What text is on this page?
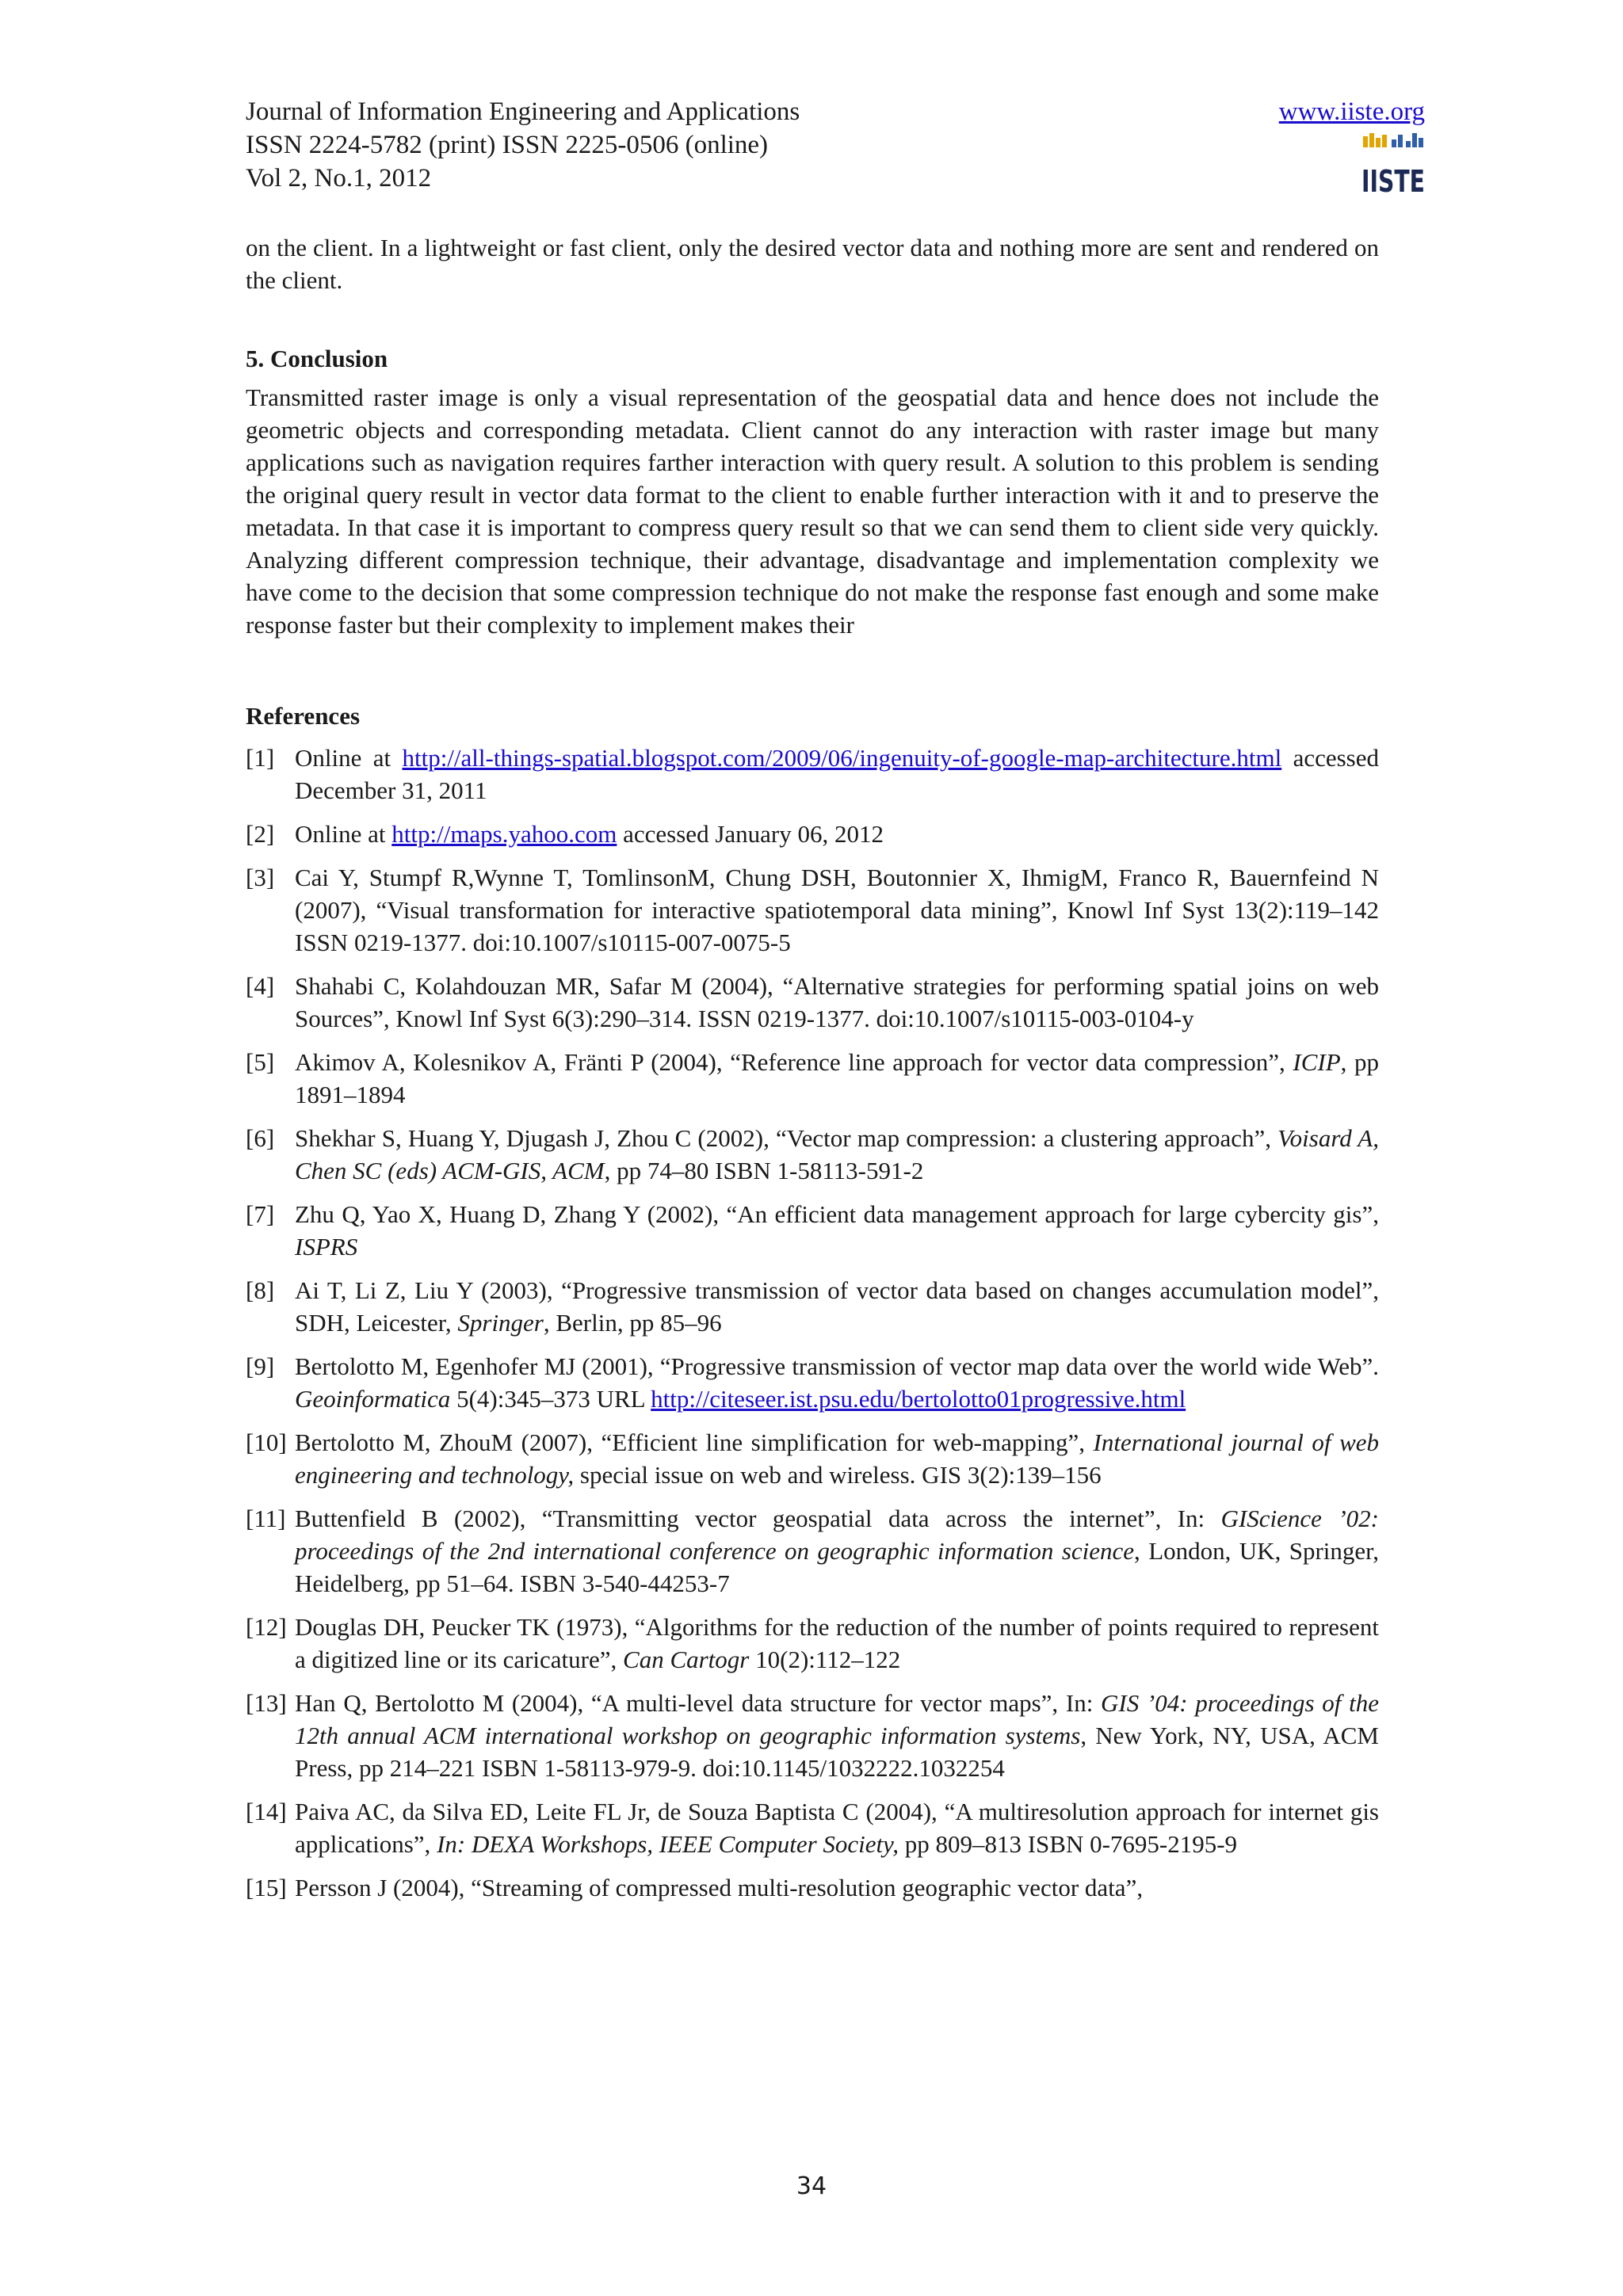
Journal of Information Engineering and Applications
ISSN 2224-5782 (print) ISSN 2225-0506 (online)
Vol 2, No.1, 2012
www.iiste.org
IISTE

on the client. In a lightweight or fast client, only the desired vector data and nothing more are sent and rendered on the client.

5. Conclusion

Transmitted raster image is only a visual representation of the geospatial data and hence does not include the geometric objects and corresponding metadata. Client cannot do any interaction with raster image but many applications such as navigation requires farther interaction with query result. A solution to this problem is sending the original query result in vector data format to the client to enable further interaction with it and to preserve the metadata. In that case it is important to compress query result so that we can send them to client side very quickly. Analyzing different compression technique, their advantage, disadvantage and implementation complexity we have come to the decision that some compression technique do not make the response fast enough and some make response faster but their complexity to implement makes their

References
[1] Online at http://all-things-spatial.blogspot.com/2009/06/ingenuity-of-google-map-architecture.html accessed December 31, 2011
[2] Online at http://maps.yahoo.com accessed January 06, 2012
[3] Cai Y, Stumpf R,Wynne T, TomlinsonM, Chung DSH, Boutonnier X, IhmigM, Franco R, Bauernfeind N (2007), “Visual transformation for interactive spatiotemporal data mining”, Knowl Inf Syst 13(2):119–142 ISSN 0219-1377. doi:10.1007/s10115-007-0075-5
[4] Shahabi C, Kolahdouzan MR, Safar M (2004), “Alternative strategies for performing spatial joins on web Sources”, Knowl Inf Syst 6(3):290–314. ISSN 0219-1377. doi:10.1007/s10115-003-0104-y
[5] Akimov A, Kolesnikov A, Fränti P (2004), “Reference line approach for vector data compression”, ICIP, pp 1891–1894
[6] Shekhar S, Huang Y, Djugash J, Zhou C (2002), “Vector map compression: a clustering approach”, Voisard A, Chen SC (eds) ACM-GIS, ACM, pp 74–80 ISBN 1-58113-591-2
[7] Zhu Q, Yao X, Huang D, Zhang Y (2002), “An efficient data management approach for large cybercity gis”, ISPRS
[8] Ai T, Li Z, Liu Y (2003), “Progressive transmission of vector data based on changes accumulation model”, SDH, Leicester, Springer, Berlin, pp 85–96
[9] Bertolotto M, Egenhofer MJ (2001), “Progressive transmission of vector map data over the world wide Web”. Geoinformatica 5(4):345–373 URL http://citeseer.ist.psu.edu/bertolotto01progressive.html
[10] Bertolotto M, ZhouM (2007), “Efficient line simplification for web-mapping”, International journal of web engineering and technology, special issue on web and wireless. GIS 3(2):139–156
[11] Buttenfield B (2002), “Transmitting vector geospatial data across the internet”, In: GIScience ’02: proceedings of the 2nd international conference on geographic information science, London, UK, Springer, Heidelberg, pp 51–64. ISBN 3-540-44253-7
[12] Douglas DH, Peucker TK (1973), “Algorithms for the reduction of the number of points required to represent a digitized line or its caricature”, Can Cartogr 10(2):112–122
[13] Han Q, Bertolotto M (2004), “A multi-level data structure for vector maps”, In: GIS ’04: proceedings of the 12th annual ACM international workshop on geographic information systems, New York, NY, USA, ACM Press, pp 214–221 ISBN 1-58113-979-9. doi:10.1145/1032222.1032254
[14] Paiva AC, da Silva ED, Leite FL Jr, de Souza Baptista C (2004), “A multiresolution approach for internet gis applications”, In: DEXA Workshops, IEEE Computer Society, pp 809–813 ISBN 0-7695-2195-9
[15] Persson J (2004), “Streaming of compressed multi-resolution geographic vector data”,
34
